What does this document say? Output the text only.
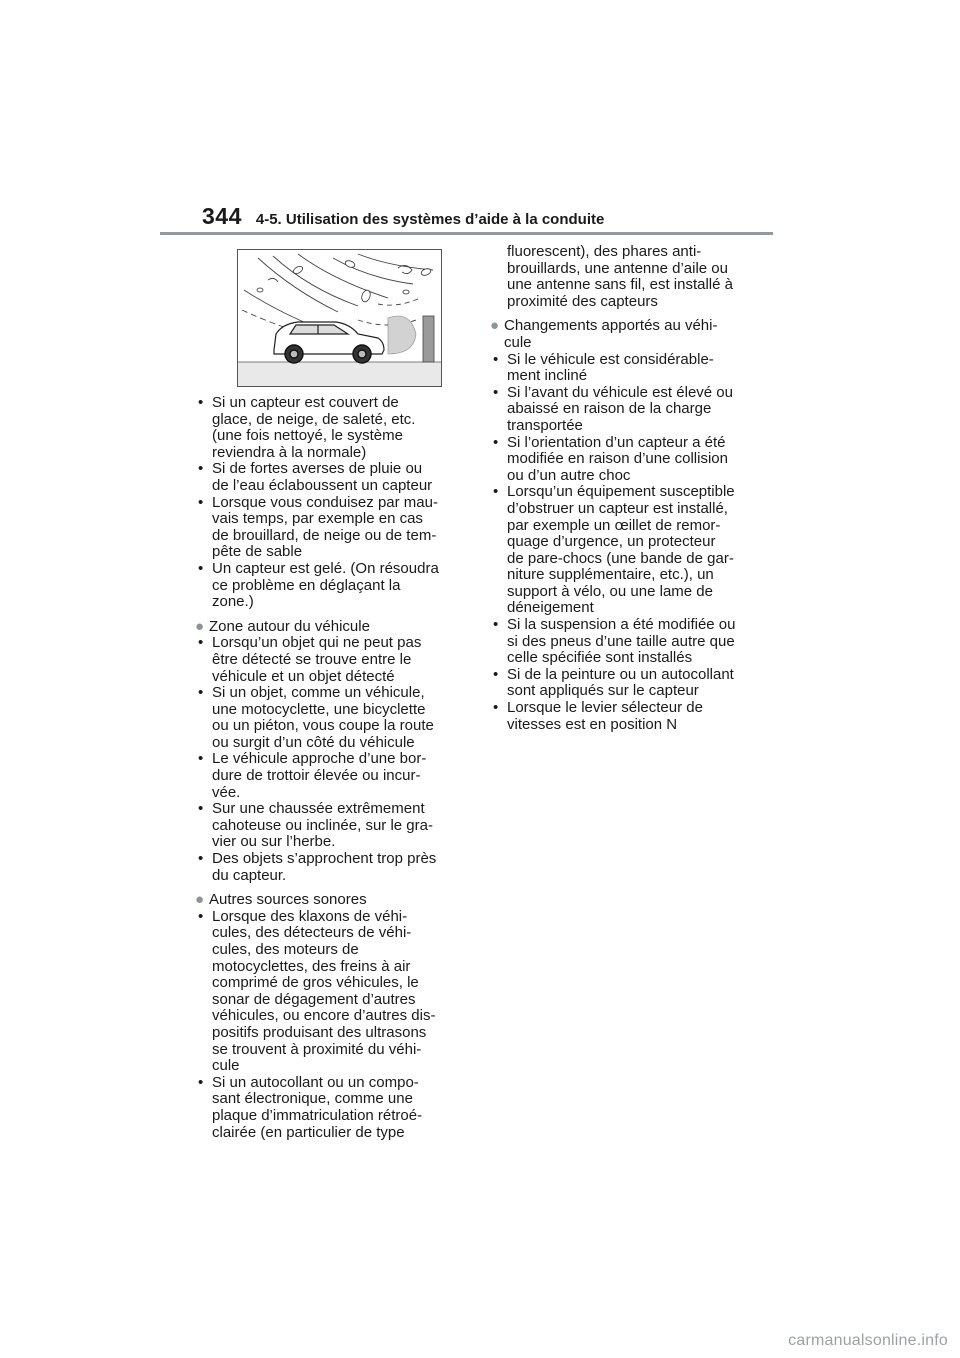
344 4-5. Utilisation des systèmes d’aide à la conduite
• Si un capteur est couvert de
glace, de neige, de saleté, etc.
(une fois nettoyé, le système
reviendra à la normale)
• Si de fortes averses de pluie ou
de l’eau éclaboussent un capteur
• Lorsque vous conduisez par mau-
vais temps, par exemple en cas
de brouillard, de neige ou de tem-
pête de sable
• Un capteur est gelé. (On résoudra
ce problème en déglaçant la
zone.)
● Zone autour du véhicule
• Lorsqu’un objet qui ne peut pas
être détecté se trouve entre le
véhicule et un objet détecté
• Si un objet, comme un véhicule,
une motocyclette, une bicyclette
ou un piéton, vous coupe la route
ou surgit d’un côté du véhicule
• Le véhicule approche d’une bor-
dure de trottoir élevée ou incur-
vée.
• Sur une chaussée extrêmement
cahoteuse ou inclinée, sur le gra-
vier ou sur l’herbe.
• Des objets s’approchent trop près
du capteur.
● Autres sources sonores
• Lorsque des klaxons de véhi-
cules, des détecteurs de véhi-
cules, des moteurs de
motocyclettes, des freins à air
comprimé de gros véhicules, le
sonar de dégagement d’autres
véhicules, ou encore d’autres dis-
positifs produisant des ultrasons
se trouvent à proximité du véhi-
cule
• Si un autocollant ou un compo-
sant électronique, comme une
plaque d’immatriculation rétroé-
clairée (en particulier de type
fluorescent), des phares anti-
brouillards, une antenne d’aile ou
une antenne sans fil, est installé à
proximité des capteurs
● Changements apportés au véhi-
cule
• Si le véhicule est considérable-
ment incliné
• Si l’avant du véhicule est élevé ou
abaissé en raison de la charge
transportée
• Si l’orientation d’un capteur a été
modifiée en raison d’une collision
ou d’un autre choc
• Lorsqu’un équipement susceptible
d’obstruer un capteur est installé,
par exemple un œillet de remor-
quage d’urgence, un protecteur
de pare-chocs (une bande de gar-
niture supplémentaire, etc.), un
support à vélo, ou une lame de
déneigement
• Si la suspension a été modifiée ou
si des pneus d’une taille autre que
celle spécifiée sont installés
• Si de la peinture ou un autocollant
sont appliqués sur le capteur
• Lorsque le levier sélecteur de
vitesses est en position N
carmanualsonline.info
